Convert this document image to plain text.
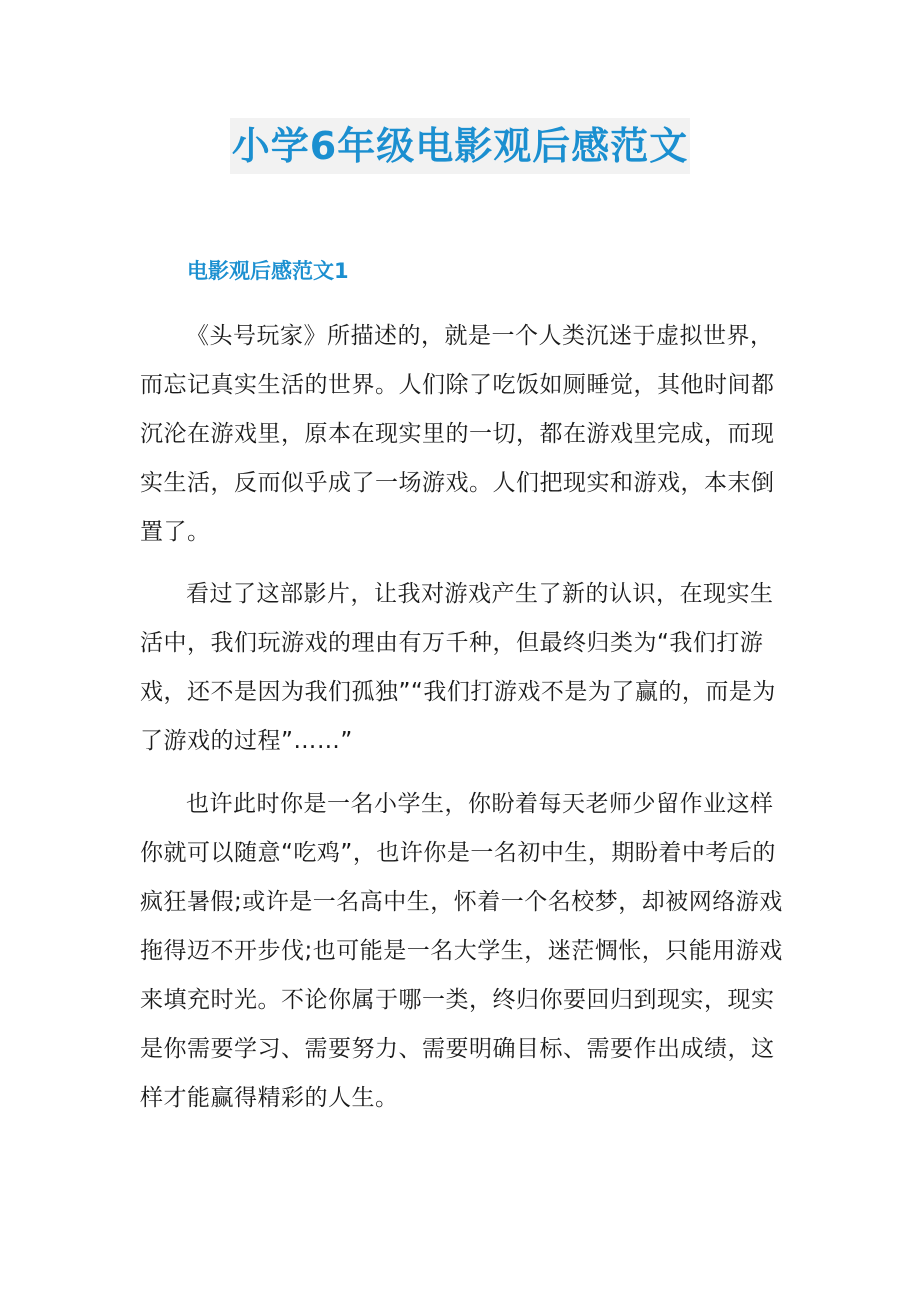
小学6年级电影观后感范文
电影观后感范文1

《头号玩家》所描述的，就是一个人类沉迷于虚拟世界，而忘记真实生活的世界。人们除了吃饭如厕睡觉，其他时间都沉沦在游戏里，原本在现实里的一切，都在游戏里完成，而现实生活，反而似乎成了一场游戏。人们把现实和游戏，本末倒置了。

看过了这部影片，让我对游戏产生了新的认识，在现实生活中，我们玩游戏的理由有万千种，但最终归类为“我们打游戏，还不是因为我们孤独”“我们打游戏不是为了赢的，而是为了游戏的过程”……”

也许此时你是一名小学生，你盼着每天老师少留作业这样你就可以随意“吃鸡”，也许你是一名初中生，期盼着中考后的疯狂暑假;或许是一名高中生，怀着一个名校梦，却被网络游戏拖得迈不开步伐;也可能是一名大学生，迷茫惆怅，只能用游戏来填充时光。不论你属于哪一类，终归你要回归到现实，现实是你需要学习、需要努力、需要明确目标、需要作出成绩，这样才能赢得精彩的人生。
